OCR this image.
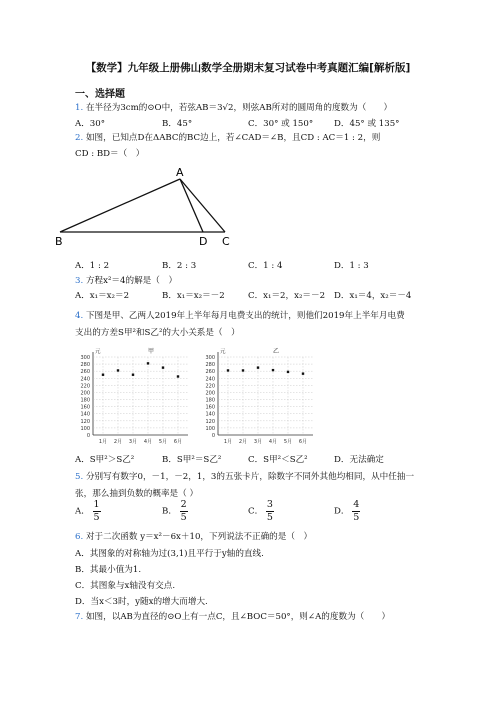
【数学】九年级上册佛山数学全册期末复习试卷中考真题汇编[解析版]
一、选择题
1. 在半径为3cm的⊙O中，若弦AB＝3√2，则弦AB所对的圆周角的度数为（　　）
A．30°	B．45°	C．30° 或 150° D．45° 或 135°
2. 如图，已知点D在ΔABC的BC边上，若∠CAD＝∠B，且CD : AC＝1 : 2，则
CD : BD＝（　）
A
B	D C
A．1 : 2	B．2 : 3	C．1 : 4	D．1 : 3
3. 方程x²＝4的解是（　）
A．x₁＝x₂＝2	B．x₁＝x₂＝－2	C．x₁＝2，x₂＝－2 D．x₁＝4，x₂＝－4
4. 下图是甲、乙两人2019年上半年每月电费支出的统计，则他们2019年上半年月电费
支出的方差S甲²和S乙²的大小关系是（　）
元	甲
300
280
260
240
220
200
180
160
140
120
100
0
1月 2月 3月 4月 5月 6月
元	乙
300
280
260
240
220
200
180
160
140
120
100
0
1月 2月 3月 4月 5月 6月
A．S甲²＞S乙²	B．S甲²＝S乙²	C．S甲²＜S乙²	D．无法确定
5. 分别写有数字0，－1，－2，1，3的五张卡片，除数字不同外其他均相同，从中任抽一
张，那么抽到负数的概率是（ ）
A． $\frac{1}{5}$	B． $\frac{2}{5}$	C． $\frac{3}{5}$	D． $\frac{4}{5}$
6. 对于二次函数 y＝x²－6x＋10，下列说法不正确的是（　）
A．其图象的对称轴为过(3,1)且平行于y轴的直线.
B．其最小值为1.
C．其图象与x轴没有交点.
D．当x＜3时，y随x的增大而增大.
7. 如图，以AB为直径的⊙O上有一点C，且∠BOC＝50°，则∠A的度数为（　　）
